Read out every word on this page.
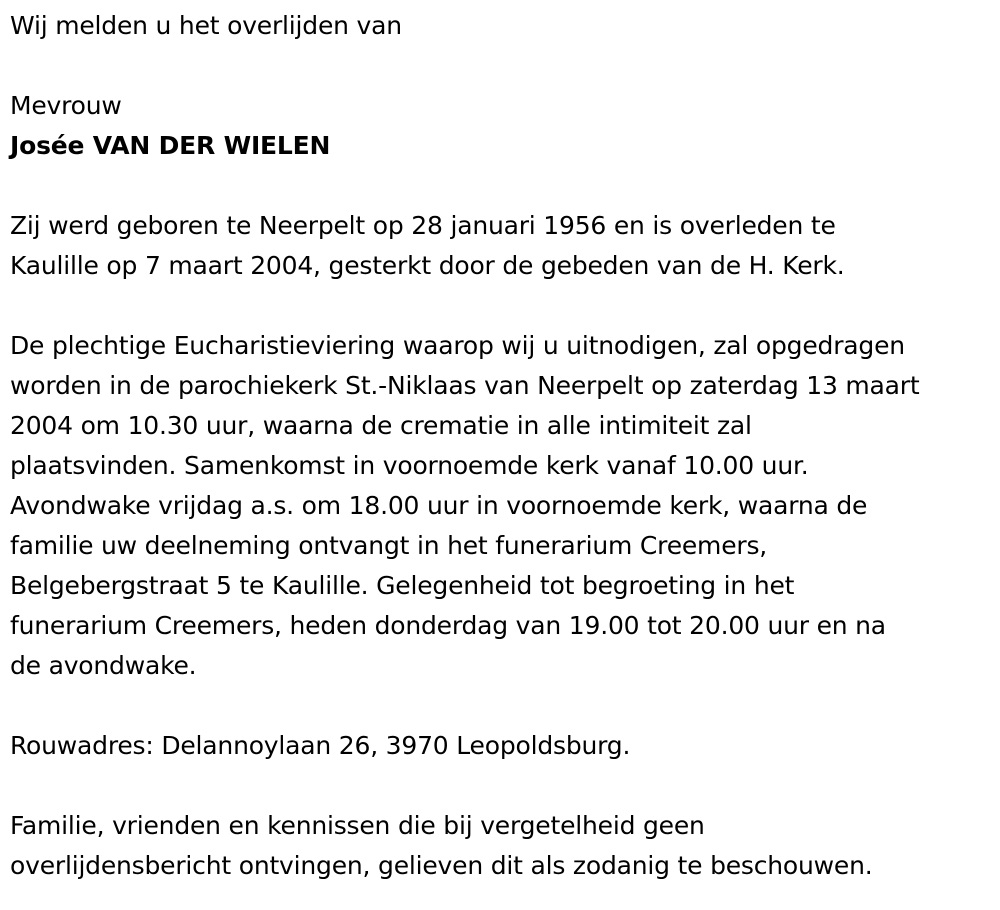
Wij melden u het overlijden van

Mevrouw

Josée VAN DER WIELEN

Zij werd geboren te Neerpelt op 28 januari 1956 en is overleden te

Kaulille op 7 maart 2004, gesterkt door de gebeden van de H. Kerk.

De plechtige Eucharistieviering waarop wij u uitnodigen, zal opgedragen

worden in de parochiekerk St.-Niklaas van Neerpelt op zaterdag 13 maart

2004 om 10.30 uur, waarna de crematie in alle intimiteit zal

plaatsvinden. Samenkomst in voornoemde kerk vanaf 10.00 uur.

Avondwake vrijdag a.s. om 18.00 uur in voornoemde kerk, waarna de

familie uw deelneming ontvangt in het funerarium Creemers,

Belgebergstraat 5 te Kaulille. Gelegenheid tot begroeting in het

funerarium Creemers, heden donderdag van 19.00 tot 20.00 uur en na

de avondwake.

Rouwadres: Delannoylaan 26, 3970 Leopoldsburg.

Familie, vrienden en kennissen die bij vergetelheid geen

overlijdensbericht ontvingen, gelieven dit als zodanig te beschouwen.
